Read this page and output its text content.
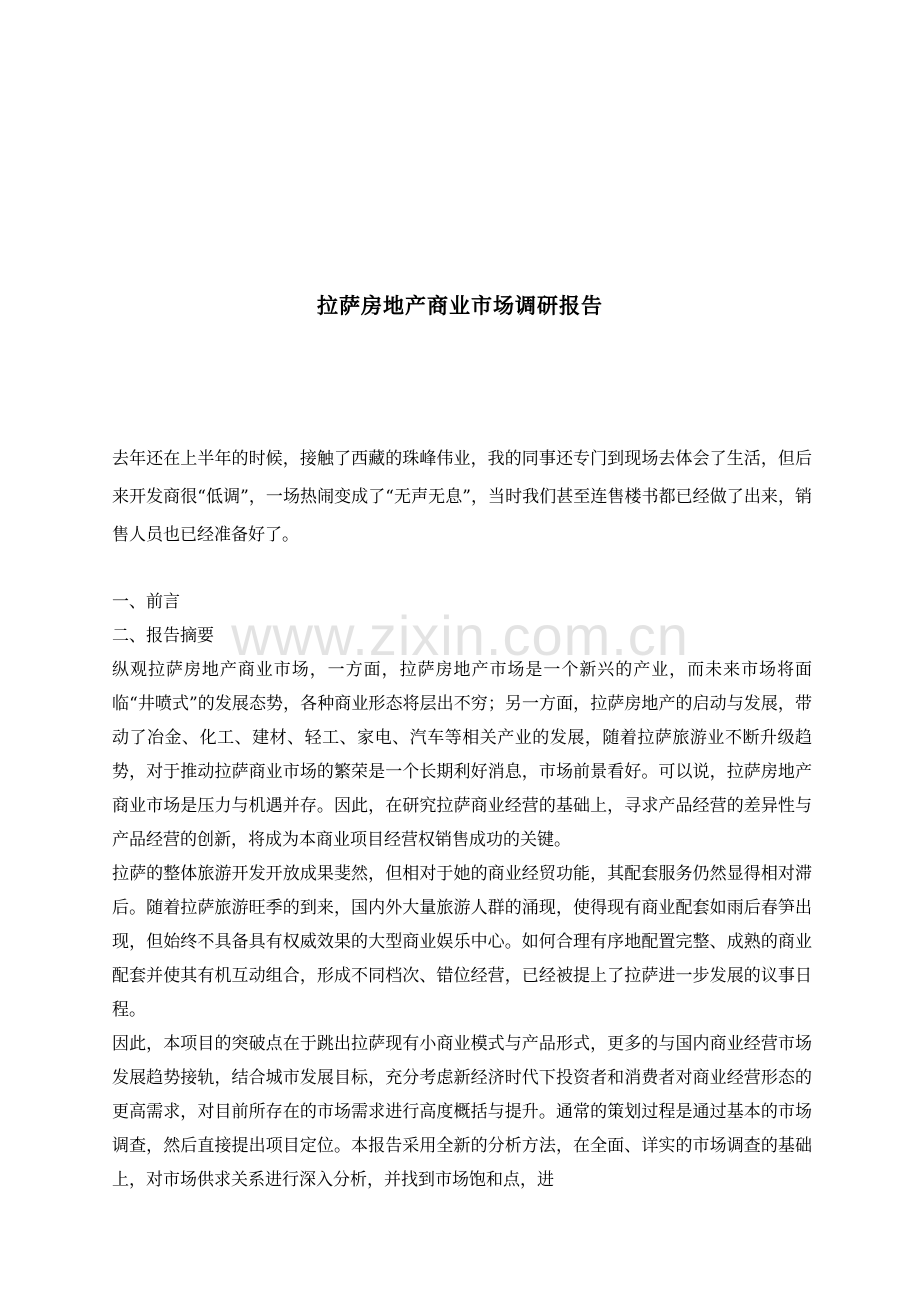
拉萨房地产商业市场调研报告

去年还在上半年的时候，接触了西藏的珠峰伟业，我的同事还专门到现场去体会了生活，但后来开发商很“低调”，一场热闹变成了“无声无息”，当时我们甚至连售楼书都已经做了出来，销售人员也已经准备好了。

一、前言

二、报告摘要

纵观拉萨房地产商业市场，一方面，拉萨房地产市场是一个新兴的产业，而未来市场将面临“井喷式”的发展态势，各种商业形态将层出不穷；另一方面，拉萨房地产的启动与发展，带动了冶金、化工、建材、轻工、家电、汽车等相关产业的发展，随着拉萨旅游业不断升级趋势，对于推动拉萨商业市场的繁荣是一个长期利好消息，市场前景看好。可以说，拉萨房地产商业市场是压力与机遇并存。因此，在研究拉萨商业经营的基础上，寻求产品经营的差异性与产品经营的创新，将成为本商业项目经营权销售成功的关键。

拉萨的整体旅游开发开放成果斐然，但相对于她的商业经贸功能，其配套服务仍然显得相对滞后。随着拉萨旅游旺季的到来，国内外大量旅游人群的涌现，使得现有商业配套如雨后春笋出现，但始终不具备具有权威效果的大型商业娱乐中心。如何合理有序地配置完整、成熟的商业配套并使其有机互动组合，形成不同档次、错位经营，已经被提上了拉萨进一步发展的议事日程。

因此，本项目的突破点在于跳出拉萨现有小商业模式与产品形式，更多的与国内商业经营市场发展趋势接轨，结合城市发展目标，充分考虑新经济时代下投资者和消费者对商业经营形态的更高需求，对目前所存在的市场需求进行高度概括与提升。通常的策划过程是通过基本的市场调查，然后直接提出项目定位。本报告采用全新的分析方法，在全面、详实的市场调查的基础上，对市场供求关系进行深入分析，并找到市场饱和点，进

www.zixin.com.cn
